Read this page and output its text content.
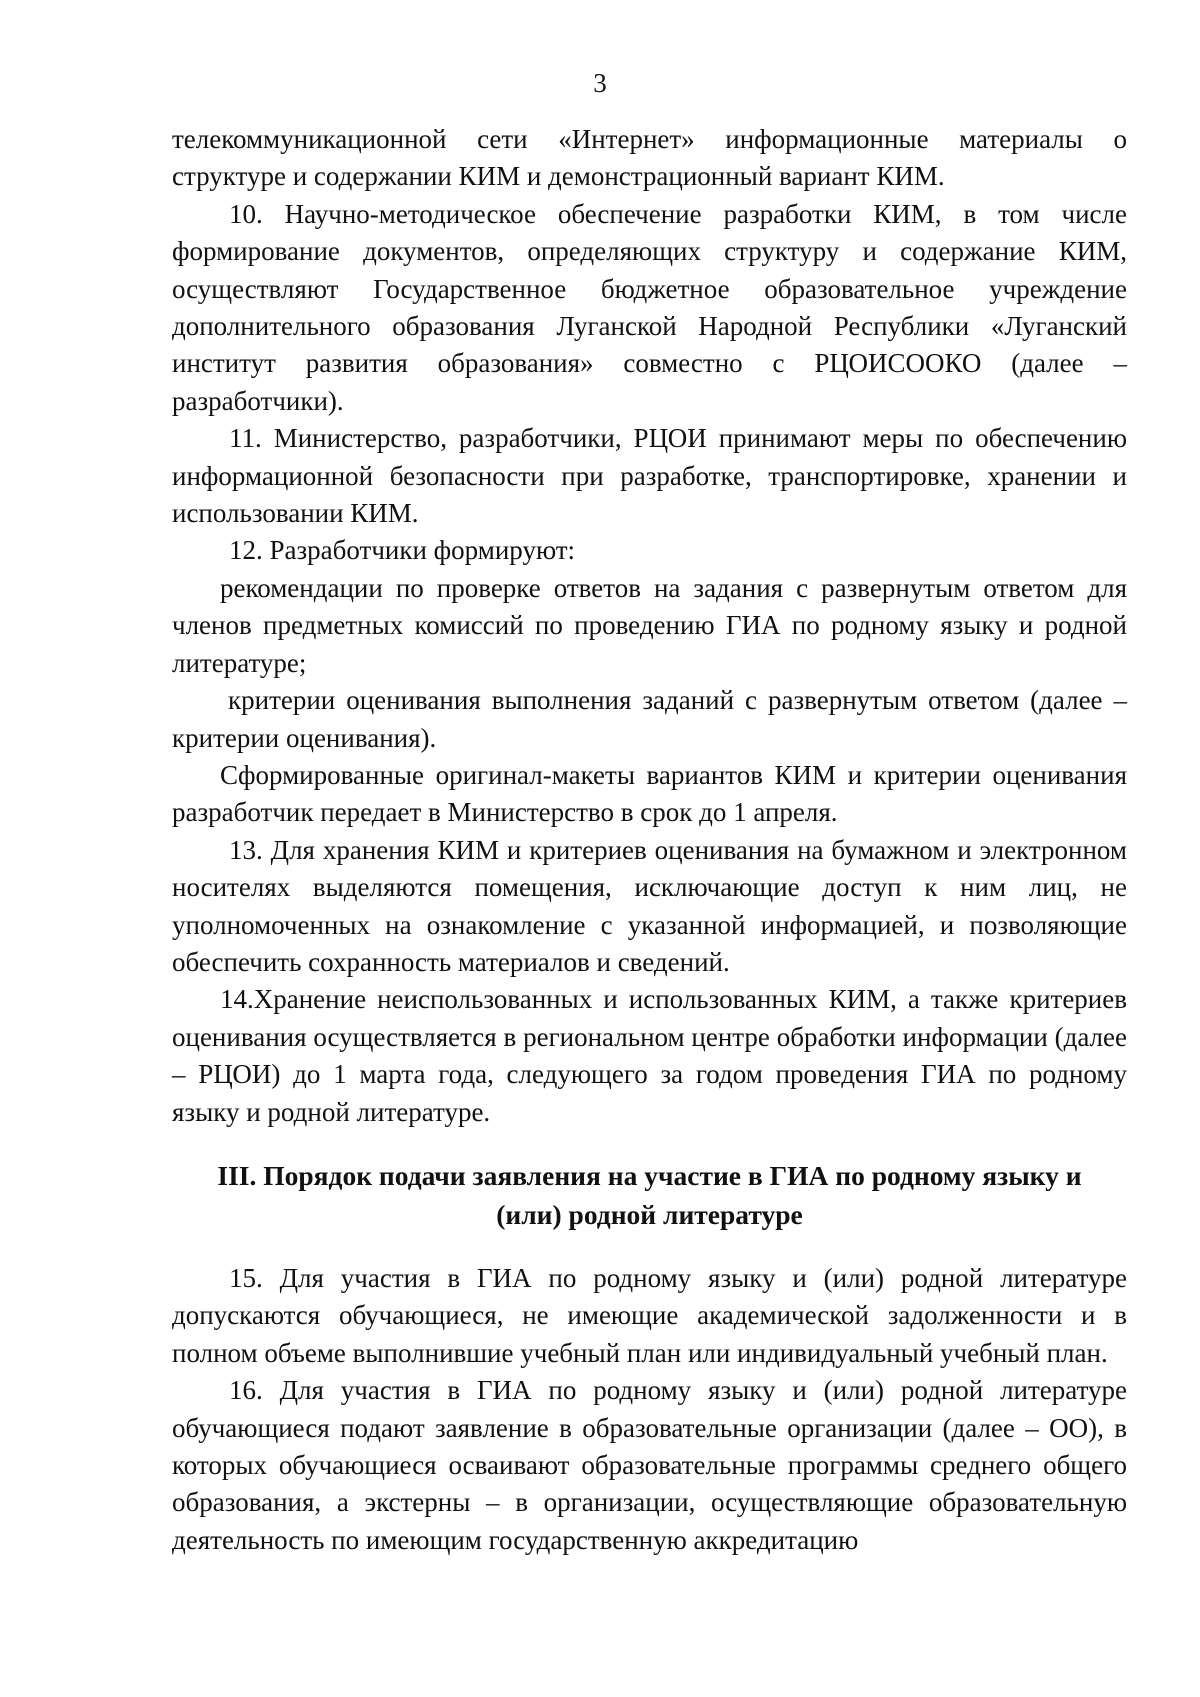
3

телекоммуникационной сети «Интернет» информационные материалы о структуре и содержании КИМ и демонстрационный вариант КИМ.

10. Научно-методическое обеспечение разработки КИМ, в том числе формирование документов, определяющих структуру и содержание КИМ, осуществляют Государственное бюджетное образовательное учреждение дополнительного образования Луганской Народной Республики «Луганский институт развития образования» совместно с РЦОИСООКО (далее – разработчики).

11. Министерство, разработчики, РЦОИ принимают меры по обеспечению информационной безопасности при разработке, транспортировке, хранении и использовании КИМ.

12. Разработчики формируют:

рекомендации по проверке ответов на задания с развернутым ответом для членов предметных комиссий по проведению ГИА по родному языку и родной литературе;

критерии оценивания выполнения заданий с развернутым ответом (далее – критерии оценивания).

Сформированные оригинал-макеты вариантов КИМ и критерии оценивания разработчик передает в Министерство в срок до 1 апреля.

13. Для хранения КИМ и критериев оценивания на бумажном и электронном носителях выделяются помещения, исключающие доступ к ним лиц, не уполномоченных на ознакомление с указанной информацией, и позволяющие обеспечить сохранность материалов и сведений.

14.Хранение неиспользованных и использованных КИМ, а также критериев оценивания осуществляется в региональном центре обработки информации (далее – РЦОИ) до 1 марта года, следующего за годом проведения ГИА по родному языку и родной литературе.

III. Порядок подачи заявления на участие в ГИА по родному языку и
(или) родной литературе

15. Для участия в ГИА по родному языку и (или) родной литературе допускаются обучающиеся, не имеющие академической задолженности и в полном объеме выполнившие учебный план или индивидуальный учебный план.

16. Для участия в ГИА по родному языку и (или) родной литературе обучающиеся подают заявление в образовательные организации (далее – ОО), в которых обучающиеся осваивают образовательные программы среднего общего образования, а экстерны – в организации, осуществляющие образовательную деятельность по имеющим государственную аккредитацию
